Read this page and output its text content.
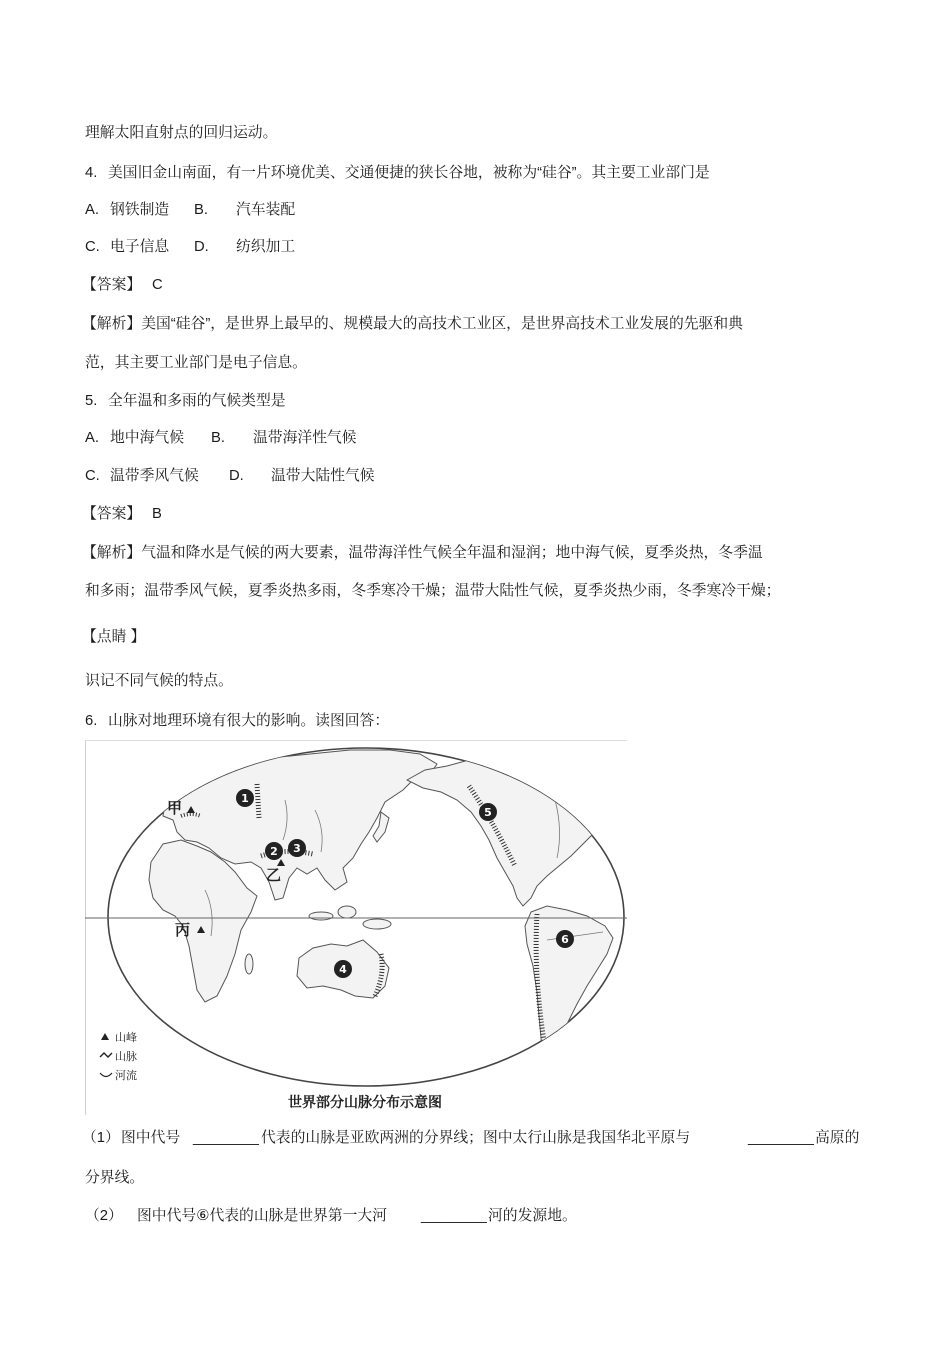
理解太阳直射点的回归运动。
4. 美国旧金山南面，有一片环境优美、交通便捷的狭长谷地，被称为“硅谷”。其主要工业部门是
A. 钢铁制造 B. 汽车装配
C. 电子信息 D. 纺织加工
【答案】 C
【解析】美国“硅谷”，是世界上最早的、规模最大的高技术工业区，是世界高技术工业发展的先驱和典
范，其主要工业部门是电子信息。
5. 全年温和多雨的气候类型是
A. 地中海气候 B. 温带海洋性气候
C. 温带季风气候 D. 温带大陆性气候
【答案】 B
【解析】气温和降水是气候的两大要素，温带海洋性气候全年温和湿润；地中海气候，夏季炎热，冬季温
和多雨；温带季风气候，夏季炎热多雨，冬季寒冷干燥；温带大陆性气候，夏季炎热少雨，冬季寒冷干燥；
【点睛 】
识记不同气候的特点。
6. 山脉对地理环境有很大的影响。读图回答：
甲
乙
丙
1
2 3
4
5
6
山峰
山脉
河流
世界部分山脉分布示意图
（1） 图中代号 ________ 代表的山脉是亚欧两洲的分界线；图中太行山脉是我国华北平原与	________ 高原的
分界线。
（2） 图中代号⑥代表的山脉是世界第一大河 ________ 河的发源地。
